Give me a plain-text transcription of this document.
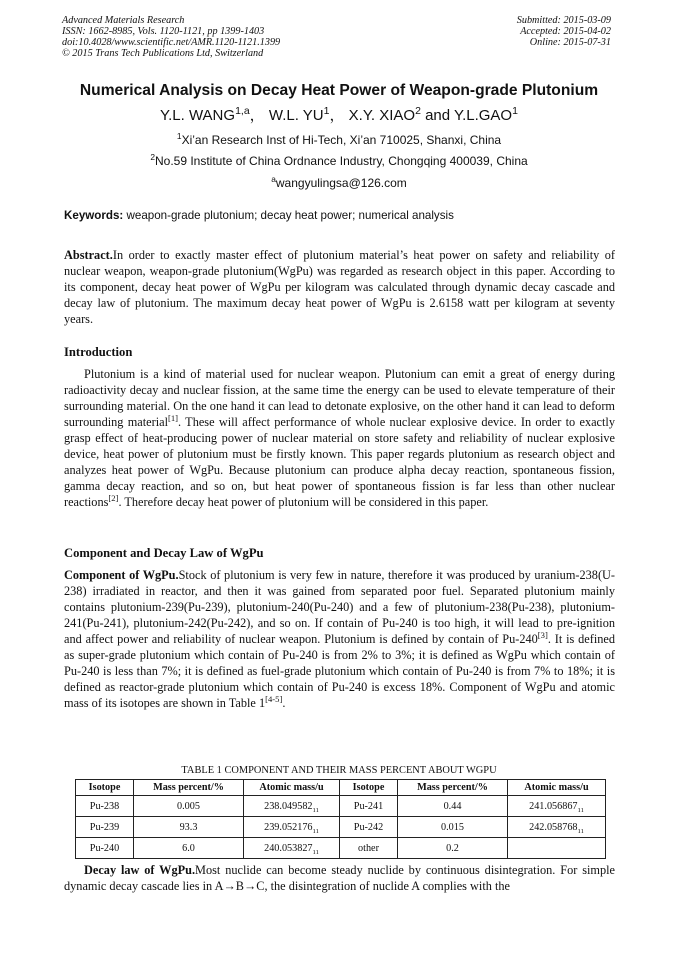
Advanced Materials Research
ISSN: 1662-8985, Vols. 1120-1121, pp 1399-1403
doi:10.4028/www.scientific.net/AMR.1120-1121.1399
© 2015 Trans Tech Publications Ltd, Switzerland
Submitted: 2015-03-09
Accepted: 2015-04-02
Online: 2015-07-31
Numerical Analysis on Decay Heat Power of Weapon-grade Plutonium
Y.L. WANG$^{1,a}$， W.L. $YU^1$， X.Y. XIAO$^2$ and Y.L.GAO$^1$
$^1$Xi’an Research Inst of Hi-Tech, Xi’an 710025, Shanxi, China
$^2$No.59 Institute of China Ordnance Industry, Chongqing 400039, China
$^a$wangyulingsa@126.com
Keywords: weapon-grade plutonium; decay heat power; numerical analysis
Abstract.In order to exactly master effect of plutonium material’s heat power on safety and reliability of nuclear weapon, weapon-grade plutonium(WgPu) was regarded as research object in this paper. According to its component, decay heat power of WgPu per kilogram was calculated through dynamic decay cascade and decay law of plutonium. The maximum decay heat power of WgPu is 2.6158 watt per kilogram at seventy years.
Introduction
Plutonium is a kind of material used for nuclear weapon. Plutonium can emit a great of energy during radioactivity decay and nuclear fission, at the same time the energy can be used to elevate temperature of their surrounding material. On the one hand it can lead to detonate explosive, on the other hand it can lead to deform surrounding material[1]. These will affect performance of whole nuclear explosive device. In order to exactly grasp effect of heat-producing power of nuclear material on store safety and reliability of nuclear explosive device, heat power of plutonium must be firstly known. This paper regards plutonium as research object and analyzes heat power of WgPu. Because plutonium can produce alpha decay reaction, spontaneous fission, gamma decay reaction, and so on, but heat power of spontaneous fission is far less than other nuclear reactions[2]. Therefore decay heat power of plutonium will be considered in this paper.
Component and Decay Law of WgPu
Component of WgPu.Stock of plutonium is very few in nature, therefore it was produced by uranium-238(U-238) irradiated in reactor, and then it was gained from separated poor fuel. Separated plutonium mainly contains plutonium-239(Pu-239), plutonium-240(Pu-240) and a few of plutonium-238(Pu-238), plutonium-241(Pu-241), plutonium-242(Pu-242), and so on. If contain of Pu-240 is too high, it will lead to pre-ignition and affect power and reliability of nuclear weapon. Plutonium is defined by contain of Pu-240[3]. It is defined as super-grade plutonium which contain of Pu-240 is from 2% to 3%; it is defined as WgPu which contain of Pu-240 is less than 7%; it is defined as fuel-grade plutonium which contain of Pu-240 is from 7% to 18%; it is defined as reactor-grade plutonium which contain of Pu-240 is excess 18%. Component of WgPu and atomic mass of its isotopes are shown in Table 1[4-5].
TABLE 1 COMPONENT AND THEIR MASS PERCENT ABOUT WGPU
Isotope	Mass percent/%	Atomic mass/u	Isotope	Mass percent/%	Atomic mass/u
Pu-238	0.005	$238.049582_{11}$	Pu-241	0.44	$241.056867_{11}$
Pu-239	93.3	$239.052176_{11}$	Pu-242	0.015	$242.058768_{11}$
Pu-240	6.0	$240.053827_{11}$	other	0.2	
Decay law of WgPu.Most nuclide can become steady nuclide by continuous disintegration. For simple dynamic decay cascade lies in A→B→C, the disintegration of nuclide A complies with the
